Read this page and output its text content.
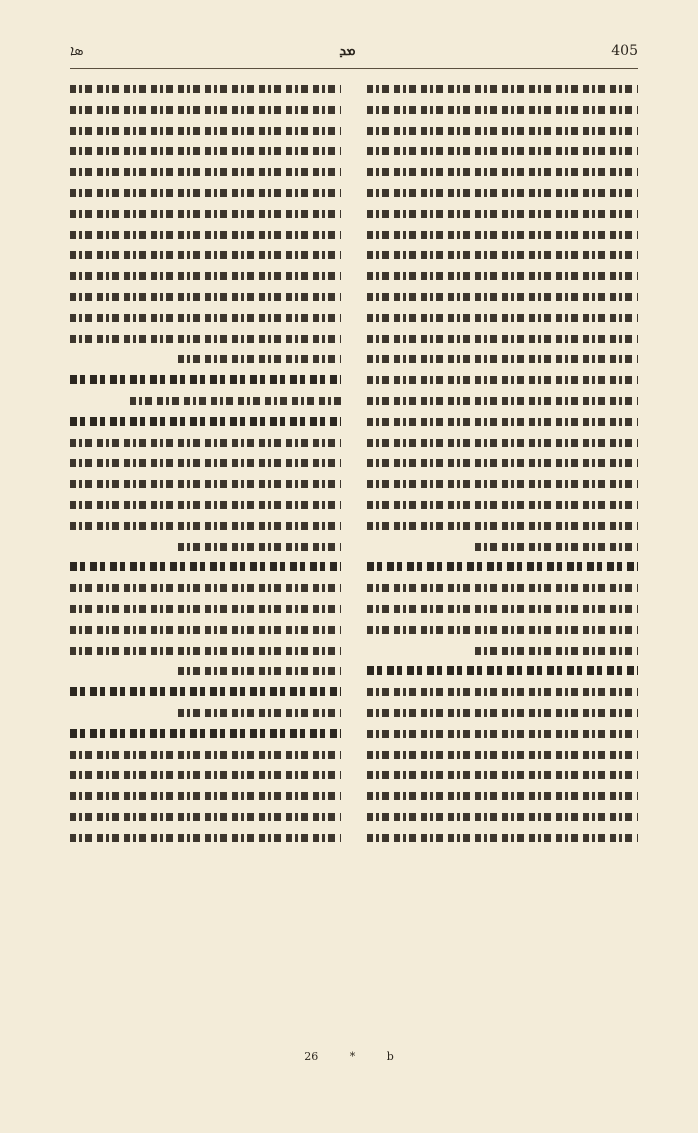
ܣܐ	ܡܕ	405
26	*	b
